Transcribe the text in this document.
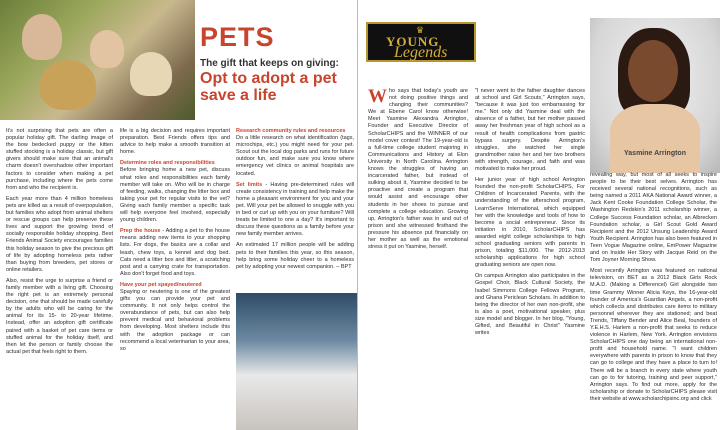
PETS
The gift that keeps on giving:
Opt to adopt a pet save a life

It's not surprising that pets are often a popular holiday gift. The darling image of the bow bedecked puppy or the kitten stuffed stocking is a holiday classic, but gift givers should make sure that an animal's charm doesn't overshadow other important factors to consider when making a pet purchase, including where the pets come from and who the recipient is.

Each year more than 4 million homeless pets are killed as a result of overpopulation, but families who adopt from animal shelters or rescue groups can help preserve these lives and support the growing trend of socially responsible holiday shopping. Best Friends Animal Society encourages families this holiday season to give the precious gift of life by adopting homeless pets rather than buying from breeders, pet stores or online retailers.

Also, resist the urge to surprise a friend or family member with a living gift. Choosing the right pet is an extremely personal decision, one that should be made carefully by the adults who will be caring for the animal for its 15- to 20-year lifetime. Instead, offer an adoption gift certificate paired with a basket of pet care items or stuffed animal for the holiday itself, and then let the person or family choose the actual pet that feels right to them.

life is a big decision and requires important preparation. Best Friends offers tips and advice to help make a smooth transition at home.

Determine roles and responsibilities
Before bringing home a new pet, discuss what roles and responsibilities each family member will take on. Who will be in charge of feeding, walks, changing the litter box and taking your pet for regular visits to the vet? Giving each family member a specific task will help everyone feel involved, especially young children.

Prep the house - Adding a pet to the house means adding new items to your shopping lists. For dogs, the basics are a collar and leash, chew toys, a kennel and dog bed. Cats need a litter box and litter, a scratching post and a carrying crate for transportation. Also don't forget food and toys.

Have your pet spayed/neutered
Spaying or neutering is one of the greatest gifts you can provide your pet and community. It not only helps control the overabundance of pets, but can also help prevent medical and behavioral problems from developing. Most shelters include this with the adoption package or can recommend a local veterinarian to your area, so

Research community rules and resources
Do a little research on what identification (tags, microchips, etc.) you might need for your pet. Scout out the local dog parks and runs for future outdoor fun, and make sure you know where emergency vet clinics or animal hospitals are located.

Set limits - Having pre-determined rules will create consistency in training and help make the home a pleasant environment for you and your pet. Will your pet be allowed to snuggle with you in bed or curl up with you on your furniture? Will treats be limited to one a day? It's important to discuss these questions as a family before your new family member arrives.

An estimated 17 million people will be adding pets to their families this year, so this season, help bring some holiday cheer to a homeless pet by adopting your newest companion. – BPT

♛
YOUNG
Legends
Yasmine Arrington

Who says that today's youth are not doing positive things and changing their communities? We at Ebene Carol know otherwise! Meet Yasmine Alexandra Arrington, Founder and Executive Director of ScholarCHIPS and the WINNER of our model cover contest! The 19-year-old is a full-time college student majoring in Communications and History at Elon University in North Carolina. Arrington knows the struggles of having an incarcerated father, but instead of sulking about it, Yasmine decided to be proactive and create a program that would assist and encourage other students in her shoes to pursue and complete a college education. Growing up, Arrington's father was in and out of prison and she witnessed firsthand the pressure his absence put financially on her mother as well as the emotional stress it put on Yasmine, herself.

"I never went to the father daughter dances at school and Girl Scouts," Arrington says, "because it was just too embarrassing for me." Not only did Yasmine deal with the absence of a father, but her mother passed away her freshman year of high school as a result of health complications from gastric bypass surgery. Despite Arrington's struggles, she watched her single grandmother raise her and her two brothers with strength, courage, and faith and was motivated to make her proud.

Her junior year of high school Arrington founded the non-profit ScholarCHIPS, For Children of Incarcerated Parents, with the understanding of the afterschool program, LearnServe International, which equipped her with the knowledge and tools of how to become a social entrepreneur. Since its initiation in 2010, ScholarCHIPS has awarded eight college scholarships to high school graduating seniors with parents in prison, totaling $11,000. The 2012-2013 scholarship applications for high school graduating seniors are open now.

On campus Arrington also participates in the Gospel Choir, Black Cultural Society, the Isabel Simmons College Fellows Program, and Ghana Periclean Scholars. In addition to being the director of her own non-profit, she is also a poet, motivational speaker, plus size model and blogger. In her blog, "Young, Gifted, and Beautiful in Christ" Yasmine writes

revealing way, but most of all seeks to inspire people to be their best selves. Arrington has received several national recognitions, such as being named a 2011 AKA National Award winner, a Jack Kent Cooke Foundation College Scholar, the Washington Redskin's 2011 scholarship winner, a College Success Foundation scholar, an Albrecken Foundation scholar, a Girl Scout Gold Award Recipient and the 2012 Unsung Leadership Award Youth Recipient. Arrington has also been featured in Teen Vogue Magazine online, EmPower Magazine and on Inside Her Story with Jacque Reid on the Tom Joyner Morning Show.

Most recently Arrington was featured on national television, on BET as a 2012 Black Girls Rock M.A.D. (Making a Differencel) Girl alongside two time Grammy Winner Alicia Keys, the 16-year-old founder of America's Guardian Angels, a non-profit which collects and distributes care items to military personnel wherever they are stationed; and beat Trends, Tiffany Bender and Alice Beal, founders of Y.E.H.S. Harlem a non-profit that seeks to reduce violence in Harlem, New York. Arrington envisions ScholarCHIPS one day being an international non-profit and household name. "I want children everywhere with parents in prison to know that they can go to college and they have a place to turn to! There will be a branch in every state where youth can go to for tutoring, training and peer support," Arrington says. To find out more, apply for the scholarship or donate to ScholarCHIPS please visit their website at www.scholarchipsinc.org and click
